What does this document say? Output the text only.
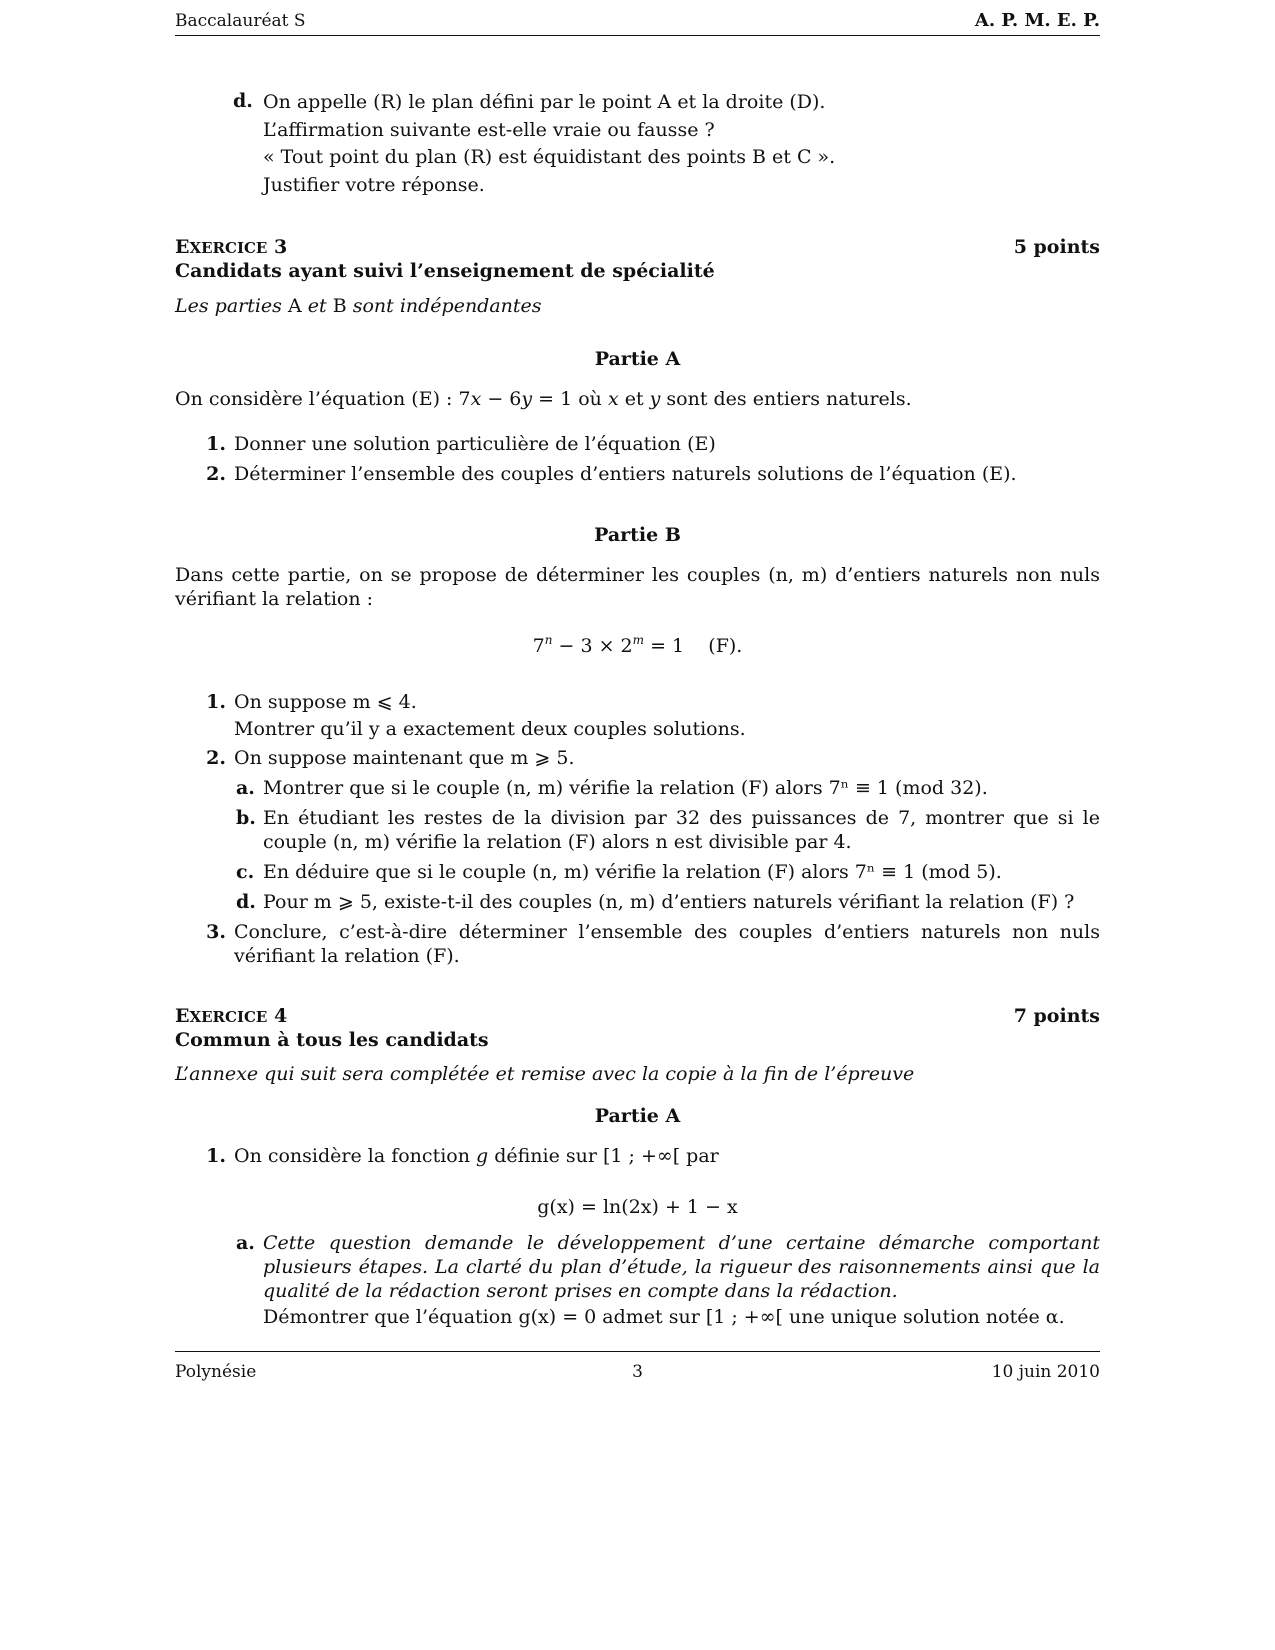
Baccalauréat S	A. P. M. E. P.
d. On appelle (R) le plan défini par le point A et la droite (D).
L’affirmation suivante est-elle vraie ou fausse ?
« Tout point du plan (R) est équidistant des points B et C ».
Justifier votre réponse.
EXERCICE 3	5 points
Candidats ayant suivi l’enseignement de spécialité
Les parties A et B sont indépendantes
Partie A
On considère l’équation (E) : 7x − 6y = 1 où x et y sont des entiers naturels.
1. Donner une solution particulière de l’équation (E)
2. Déterminer l’ensemble des couples d’entiers naturels solutions de l’équation (E).
Partie B
Dans cette partie, on se propose de déterminer les couples (n, m) d’entiers naturels non nuls vérifiant la relation :
$7^n - 3 \times 2^m = 1$ (F).
1. On suppose m ⩽ 4.
Montrer qu’il y a exactement deux couples solutions.
2. On suppose maintenant que m ⩾ 5.
a. Montrer que si le couple (n, m) vérifie la relation (F) alors 7ⁿ ≡ 1 (mod 32).
b. En étudiant les restes de la division par 32 des puissances de 7, montrer que si le couple (n, m) vérifie la relation (F) alors n est divisible par 4.
c. En déduire que si le couple (n, m) vérifie la relation (F) alors 7ⁿ ≡ 1 (mod 5).
d. Pour m ⩾ 5, existe-t-il des couples (n, m) d’entiers naturels vérifiant la relation (F) ?
3. Conclure, c’est-à-dire déterminer l’ensemble des couples d’entiers naturels non nuls vérifiant la relation (F).
EXERCICE 4	7 points
Commun à tous les candidats
L’annexe qui suit sera complétée et remise avec la copie à la fin de l’épreuve
Partie A
1. On considère la fonction g définie sur [1 ; +∞[ par
g(x) = ln(2x) + 1 − x
a. Cette question demande le développement d’une certaine démarche comportant plusieurs étapes. La clarté du plan d’étude, la rigueur des raisonnements ainsi que la qualité de la rédaction seront prises en compte dans la rédaction.
Démontrer que l’équation g(x) = 0 admet sur [1 ; +∞[ une unique solution notée α.
Polynésie	3	10 juin 2010
